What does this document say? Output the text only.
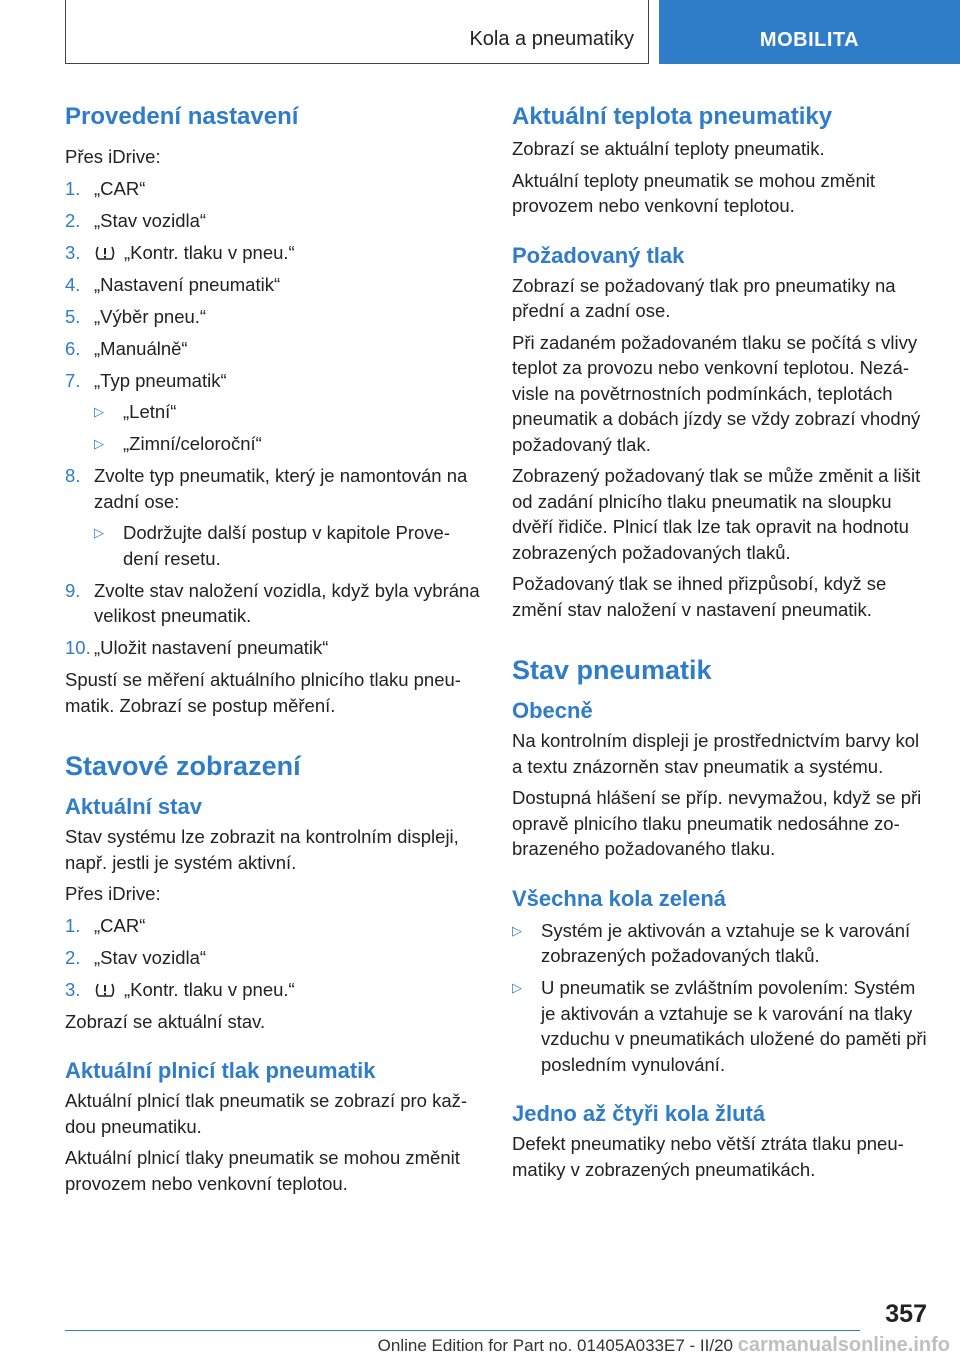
Kola a pneumatiky	MOBILITA
Provedení nastavení

Přes iDrive:

1. „CAR“
2. „Stav vozidla“
3. „Kontr. tlaku v pneu.“
4. „Nastavení pneumatik“
5. „Výběr pneu.“
6. „Manuálně“
7. „Typ pneumatik“
▷ „Letní“
▷ „Zimní/celoroční“
8. Zvolte typ pneumatik, který je namontován na zadní ose:
▷ Dodržujte další postup v kapitole Prove‐dení resetu.
9. Zvolte stav naložení vozidla, když byla vybrána velikost pneumatik.
10. „Uložit nastavení pneumatik“

Spustí se měření aktuálního plnicího tlaku pneu‐matik. Zobrazí se postup měření.

Stavové zobrazení
Aktuální stav

Stav systému lze zobrazit na kontrolním displeji, např. jestli je systém aktivní.

Přes iDrive:

1. „CAR“
2. „Stav vozidla“
3. „Kontr. tlaku v pneu.“

Zobrazí se aktuální stav.

Aktuální plnicí tlak pneumatik

Aktuální plnicí tlak pneumatik se zobrazí pro kaž‐dou pneumatiku.

Aktuální plnicí tlaky pneumatik se mohou změnit provozem nebo venkovní teplotou.

Aktuální teplota pneumatiky

Zobrazí se aktuální teploty pneumatik.

Aktuální teploty pneumatik se mohou změnit provozem nebo venkovní teplotou.

Požadovaný tlak

Zobrazí se požadovaný tlak pro pneumatiky na přední a zadní ose.

Při zadaném požadovaném tlaku se počítá s vlivy teplot za provozu nebo venkovní teplotou. Nezá‐visle na povětrnostních podmínkách, teplotách pneumatik a dobách jízdy se vždy zobrazí vhodný požadovaný tlak.

Zobrazený požadovaný tlak se může změnit a lišit od zadání plnicího tlaku pneumatik na sloupku dvěří řidiče. Plnicí tlak lze tak opravit na hodnotu zobrazených požadovaných tlaků.

Požadovaný tlak se ihned přizpůsobí, když se změní stav naložení v nastavení pneumatik.

Stav pneumatik
Obecně

Na kontrolním displeji je prostřednictvím barvy kol a textu znázorněn stav pneumatik a systému.

Dostupná hlášení se příp. nevymažou, když se při opravě plnicího tlaku pneumatik nedosáhne zo‐brazeného požadovaného tlaku.

Všechna kola zelená
▷ Systém je aktivován a vztahuje se k varování zobrazených požadovaných tlaků.
▷ U pneumatik se zvláštním povolením: Systém je aktivován a vztahuje se k varování na tlaky vzduchu v pneumatikách uložené do paměti při posledním vynulování.
Jedno až čtyři kola žlutá

Defekt pneumatiky nebo větší ztráta tlaku pneu‐matiky v zobrazených pneumatikách.

357
Online Edition for Part no. 01405A033E7 - II/20 carmanualsonline.info
